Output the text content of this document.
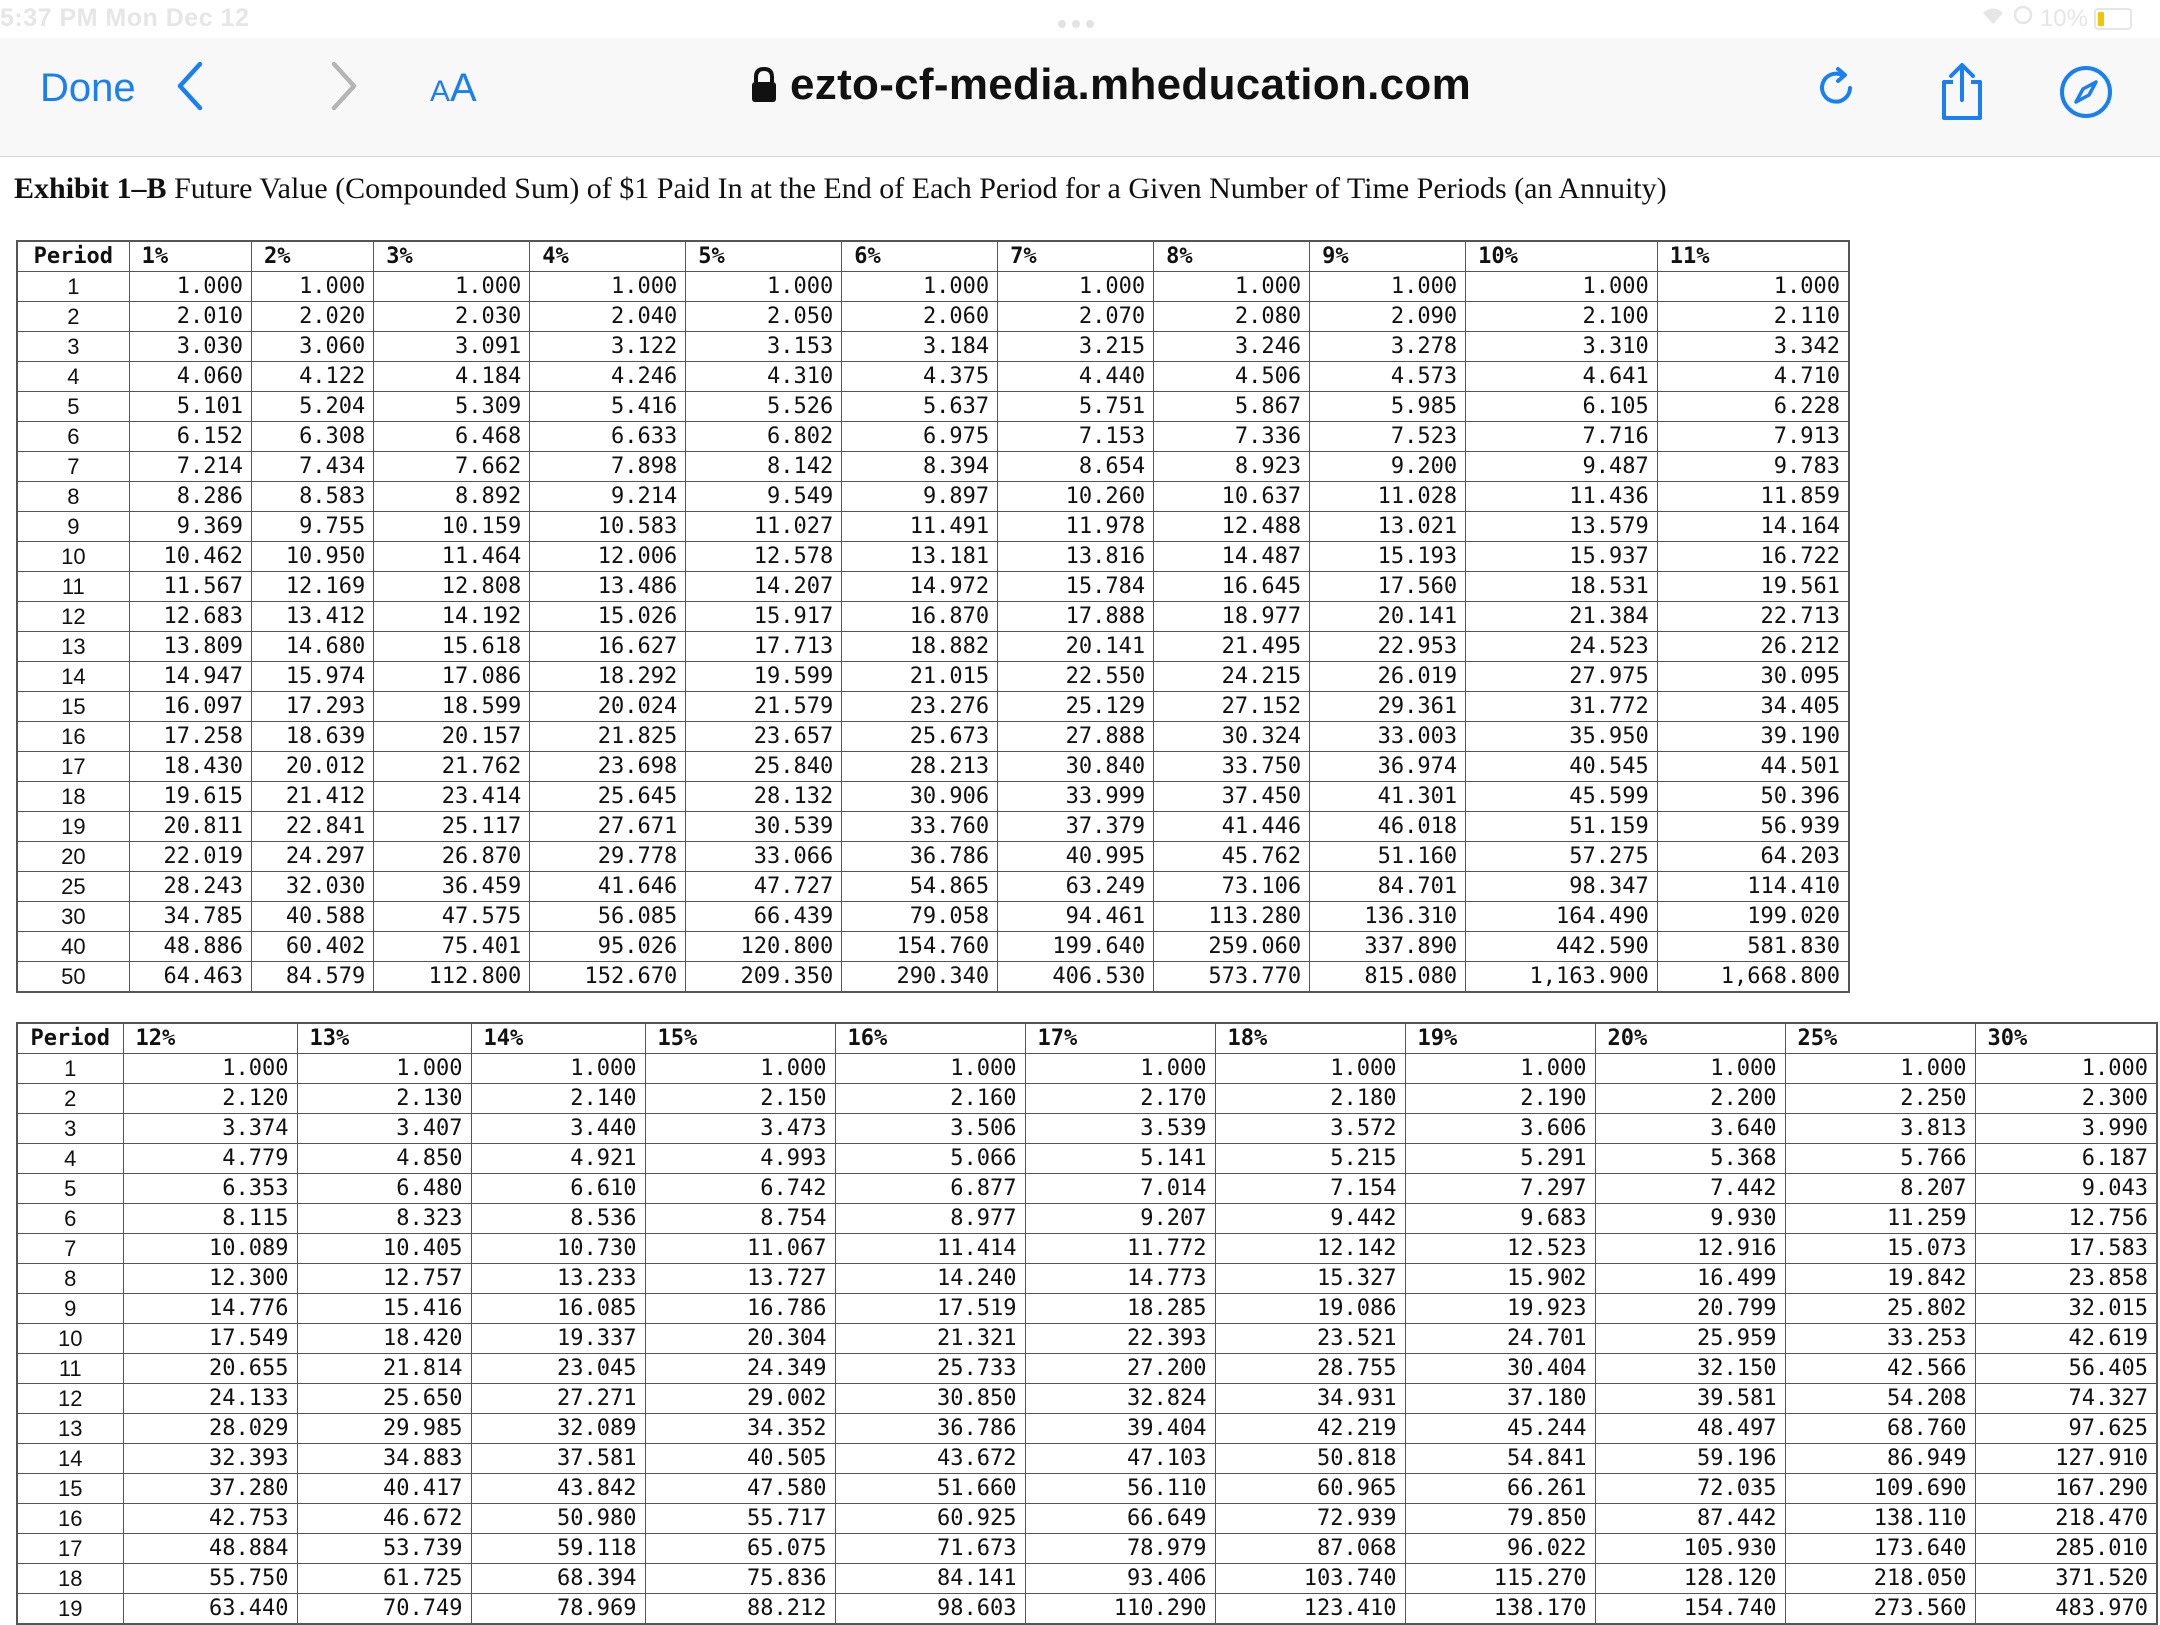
5:37 PM Mon Dec 12	10%
Done	AA	ezto-cf-media.mheducation.com
Exhibit 1–B Future Value (Compounded Sum) of $1 Paid In at the End of Each Period for a Given Number of Time Periods (an Annuity)
Period	1%	2%	3%	4%	5%	6%	7%	8%	9%	10%	11%
1	1.000	1.000	1.000	1.000	1.000	1.000	1.000	1.000	1.000	1.000	1.000
2	2.010	2.020	2.030	2.040	2.050	2.060	2.070	2.080	2.090	2.100	2.110
3	3.030	3.060	3.091	3.122	3.153	3.184	3.215	3.246	3.278	3.310	3.342
4	4.060	4.122	4.184	4.246	4.310	4.375	4.440	4.506	4.573	4.641	4.710
5	5.101	5.204	5.309	5.416	5.526	5.637	5.751	5.867	5.985	6.105	6.228
6	6.152	6.308	6.468	6.633	6.802	6.975	7.153	7.336	7.523	7.716	7.913
7	7.214	7.434	7.662	7.898	8.142	8.394	8.654	8.923	9.200	9.487	9.783
8	8.286	8.583	8.892	9.214	9.549	9.897	10.260	10.637	11.028	11.436	11.859
9	9.369	9.755	10.159	10.583	11.027	11.491	11.978	12.488	13.021	13.579	14.164
10	10.462	10.950	11.464	12.006	12.578	13.181	13.816	14.487	15.193	15.937	16.722
11	11.567	12.169	12.808	13.486	14.207	14.972	15.784	16.645	17.560	18.531	19.561
12	12.683	13.412	14.192	15.026	15.917	16.870	17.888	18.977	20.141	21.384	22.713
13	13.809	14.680	15.618	16.627	17.713	18.882	20.141	21.495	22.953	24.523	26.212
14	14.947	15.974	17.086	18.292	19.599	21.015	22.550	24.215	26.019	27.975	30.095
15	16.097	17.293	18.599	20.024	21.579	23.276	25.129	27.152	29.361	31.772	34.405
16	17.258	18.639	20.157	21.825	23.657	25.673	27.888	30.324	33.003	35.950	39.190
17	18.430	20.012	21.762	23.698	25.840	28.213	30.840	33.750	36.974	40.545	44.501
18	19.615	21.412	23.414	25.645	28.132	30.906	33.999	37.450	41.301	45.599	50.396
19	20.811	22.841	25.117	27.671	30.539	33.760	37.379	41.446	46.018	51.159	56.939
20	22.019	24.297	26.870	29.778	33.066	36.786	40.995	45.762	51.160	57.275	64.203
25	28.243	32.030	36.459	41.646	47.727	54.865	63.249	73.106	84.701	98.347	114.410
30	34.785	40.588	47.575	56.085	66.439	79.058	94.461	113.280	136.310	164.490	199.020
40	48.886	60.402	75.401	95.026	120.800	154.760	199.640	259.060	337.890	442.590	581.830
50	64.463	84.579	112.800	152.670	209.350	290.340	406.530	573.770	815.080	1,163.900	1,668.800
Period	12%	13%	14%	15%	16%	17%	18%	19%	20%	25%	30%
1	1.000	1.000	1.000	1.000	1.000	1.000	1.000	1.000	1.000	1.000	1.000
2	2.120	2.130	2.140	2.150	2.160	2.170	2.180	2.190	2.200	2.250	2.300
3	3.374	3.407	3.440	3.473	3.506	3.539	3.572	3.606	3.640	3.813	3.990
4	4.779	4.850	4.921	4.993	5.066	5.141	5.215	5.291	5.368	5.766	6.187
5	6.353	6.480	6.610	6.742	6.877	7.014	7.154	7.297	7.442	8.207	9.043
6	8.115	8.323	8.536	8.754	8.977	9.207	9.442	9.683	9.930	11.259	12.756
7	10.089	10.405	10.730	11.067	11.414	11.772	12.142	12.523	12.916	15.073	17.583
8	12.300	12.757	13.233	13.727	14.240	14.773	15.327	15.902	16.499	19.842	23.858
9	14.776	15.416	16.085	16.786	17.519	18.285	19.086	19.923	20.799	25.802	32.015
10	17.549	18.420	19.337	20.304	21.321	22.393	23.521	24.701	25.959	33.253	42.619
11	20.655	21.814	23.045	24.349	25.733	27.200	28.755	30.404	32.150	42.566	56.405
12	24.133	25.650	27.271	29.002	30.850	32.824	34.931	37.180	39.581	54.208	74.327
13	28.029	29.985	32.089	34.352	36.786	39.404	42.219	45.244	48.497	68.760	97.625
14	32.393	34.883	37.581	40.505	43.672	47.103	50.818	54.841	59.196	86.949	127.910
15	37.280	40.417	43.842	47.580	51.660	56.110	60.965	66.261	72.035	109.690	167.290
16	42.753	46.672	50.980	55.717	60.925	66.649	72.939	79.850	87.442	138.110	218.470
17	48.884	53.739	59.118	65.075	71.673	78.979	87.068	96.022	105.930	173.640	285.010
18	55.750	61.725	68.394	75.836	84.141	93.406	103.740	115.270	128.120	218.050	371.520
19	63.440	70.749	78.969	88.212	98.603	110.290	123.410	138.170	154.740	273.560	483.970
